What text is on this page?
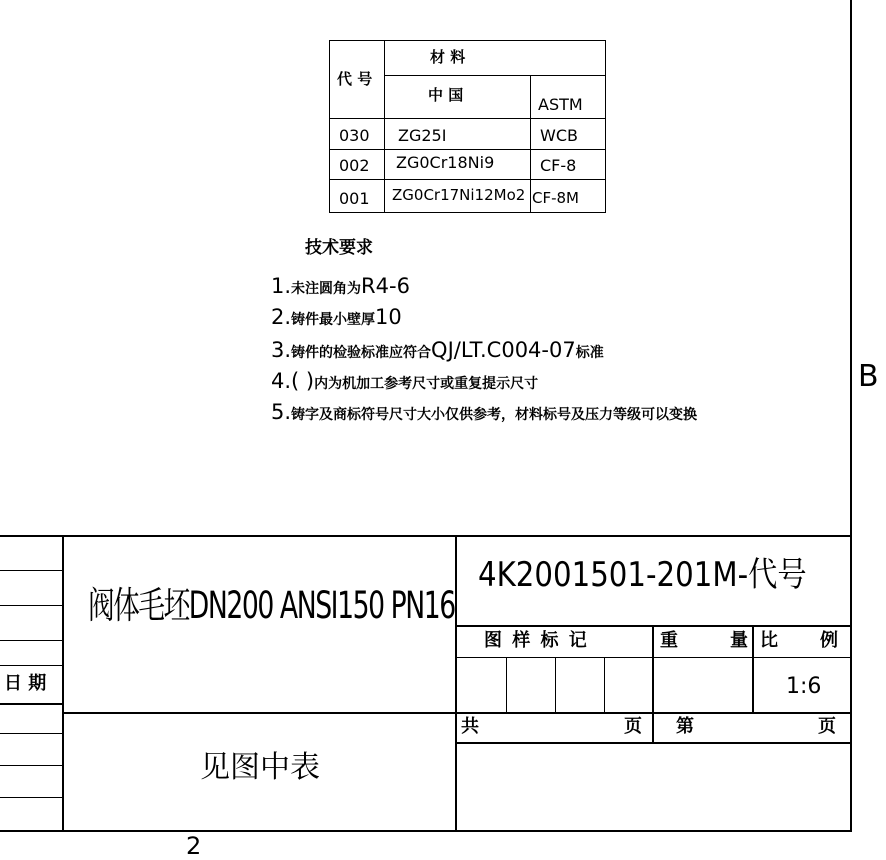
代 号
材 料
中 国	ASTM
030 ZG25I	WCB
002 ZG0Cr18Ni9	CF-8
001 ZG0Cr17Ni12Mo2 CF-8M
技术要求
1.未注圆角为R4-6
2.铸件最小壁厚10
3.铸件的检验标准应符合QJ/LT.C004-07标准
4.( )内为机加工参考尺寸或重复提示尺寸
5.铸字及商标符号尺寸大小仅供参考，材料标号及压力等级可以变换
B
日 期
阀体毛坯DN200 ANSI150 PN16
4K2001501-201M-代号
图 样 标 记	重	量 比 例
1:6
共	页 第	页
见图中表
2
